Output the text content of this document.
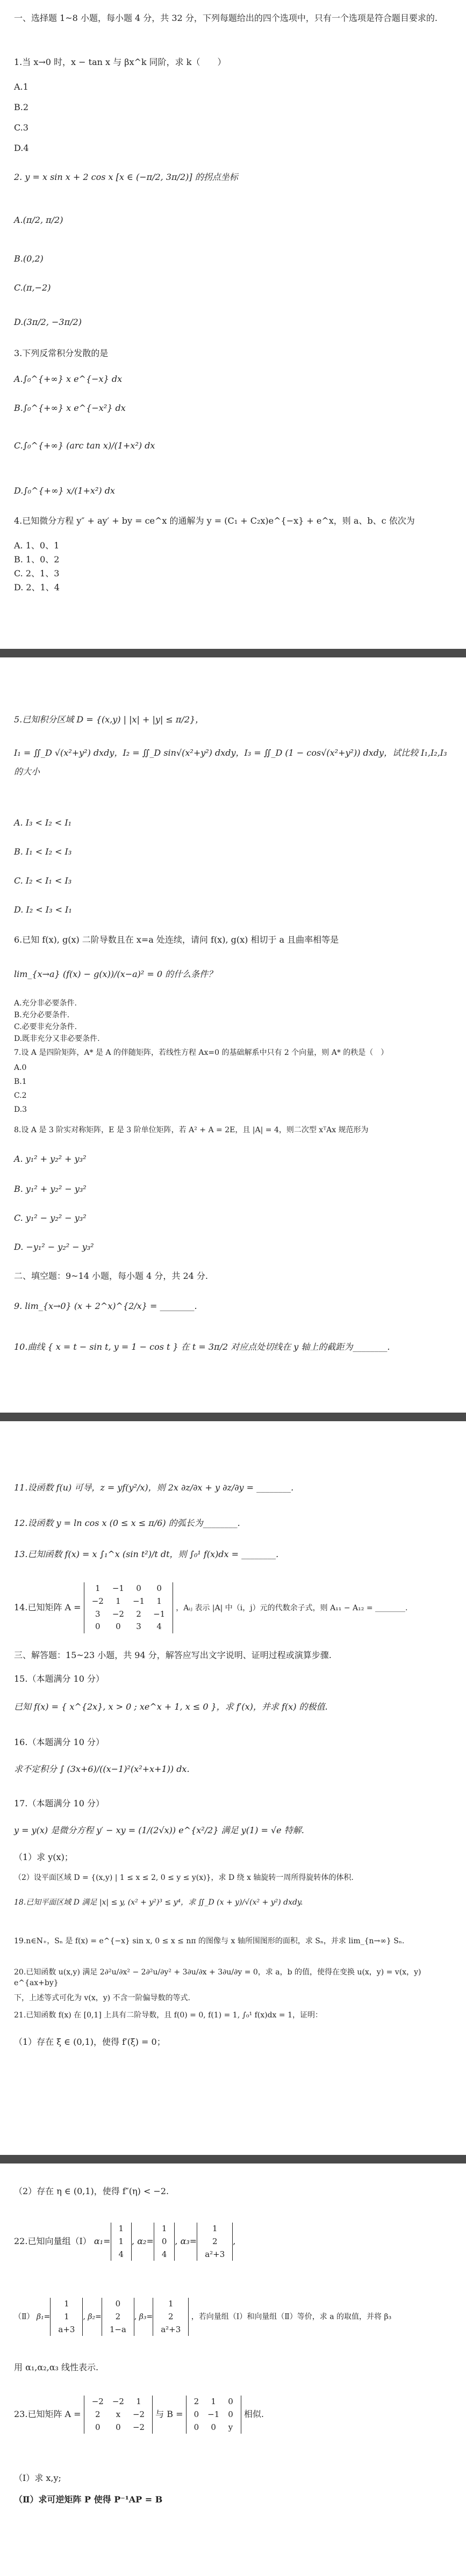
一、选择题 1~8 小题，每小题 4 分，共 32 分，下列每题给出的四个选项中，只有一个选项是符合题目要求的.
1.当 x→0 时，x − tan x 与 βx^k 同阶，求 k（　　）
A.1
B.2
C.3
D.4
2. y = x sin x + 2 cos x [x ∈ (−π/2, 3π/2)] 的拐点坐标
A.(π/2, π/2)
B.(0,2)
C.(π,−2)
D.(3π/2, −3π/2)
3.下列反常积分发散的是
A.∫₀^{+∞} x e^{−x} dx
B.∫₀^{+∞} x e^{−x²} dx
C.∫₀^{+∞} (arc tan x)/(1+x²) dx
D.∫₀^{+∞} x/(1+x²) dx
4.已知微分方程 y″ + ay′ + by = ce^x 的通解为 y = (C₁ + C₂x)e^{−x} + e^x，则 a、b、c 依次为
A. 1、0、1
B. 1、0、2
C. 2、1、3
D. 2、1、4
5.已知积分区域 D = {(x,y) | |x| + |y| ≤ π/2}，
I₁ = ∬_D √(x²+y²) dxdy，I₂ = ∬_D sin√(x²+y²) dxdy，I₃ = ∬_D (1 − cos√(x²+y²)) dxdy，试比较 I₁,I₂,I₃ 的大小
A. I₃ < I₂ < I₁
B. I₁ < I₂ < I₃
C. I₂ < I₁ < I₃
D. I₂ < I₃ < I₁
6.已知 f(x), g(x) 二阶导数且在 x=a 处连续，请问 f(x), g(x) 相切于 a 且曲率相等是
lim_{x→a} (f(x) − g(x))/(x−a)² = 0 的什么条件？
A.充分非必要条件.
B.充分必要条件.
C.必要非充分条件.
D.既非充分又非必要条件.
7.设 A 是四阶矩阵，A* 是 A 的伴随矩阵，若线性方程 Ax=0 的基础解系中只有 2 个向量，则 A* 的秩是（　）
A.0
B.1
C.2
D.3
8.设 A 是 3 阶实对称矩阵，E 是 3 阶单位矩阵，若 A² + A = 2E，且 |A| = 4，则二次型 xᵀAx 规范形为
A. y₁² + y₂² + y₃²
B. y₁² + y₂² − y₃²
C. y₁² − y₂² − y₃²
D. −y₁² − y₂² − y₃²
二、填空题：9~14 小题，每小题 4 分，共 24 分.
9. lim_{x→0} (x + 2^x)^{2/x} = ________.
10.曲线 { x = t − sin t, y = 1 − cos t } 在 t = 3π/2 对应点处切线在 y 轴上的截距为________.
11.设函数 f(u) 可导，z = yf(y²/x)，则 2x ∂z/∂x + y ∂z/∂y = ________.
12.设函数 y = ln cos x (0 ≤ x ≤ π/6) 的弧长为________.
13.已知函数 f(x) = x ∫₁^x (sin t²)/t dt，则 ∫₀¹ f(x)dx = ________.
14.已知矩阵 A =
1	−1	0	0
−2	1	−1	1
3	−2	2	−1
0	0	3	4
，Aᵢⱼ 表示 |A| 中（i，j）元的代数余子式，则 A₁₁ − A₁₂ = ________.
三、解答题：15~23 小题，共 94 分，解答应写出文字说明、证明过程或演算步骤.
15.（本题满分 10 分）
已知 f(x) = { x^{2x}, x > 0 ; xe^x + 1, x ≤ 0 }，求 f′(x)，并求 f(x) 的极值.
16.（本题满分 10 分）
求不定积分 ∫ (3x+6)/((x−1)²(x²+x+1)) dx.
17.（本题满分 10 分）
y = y(x) 是微分方程 y′ − xy = (1/(2√x)) e^{x²/2} 满足 y(1) = √e 特解.
（1）求 y(x)；
（2）设平面区域 D = {(x,y) | 1 ≤ x ≤ 2, 0 ≤ y ≤ y(x)}，求 D 绕 x 轴旋转一周所得旋转体的体积.
18.已知平面区域 D 满足 |x| ≤ y, (x² + y²)³ ≤ y⁴，求 ∬_D (x + y)/√(x² + y²) dxdy.
19.n∈N₊，Sₙ 是 f(x) = e^{−x} sin x, 0 ≤ x ≤ nπ 的图像与 x 轴所围图形的面积，求 Sₙ，并求 lim_{n→∞} Sₙ.
20.已知函数 u(x,y) 满足 2∂²u/∂x² − 2∂²u/∂y² + 3∂u/∂x + 3∂u/∂y = 0，求 a，b 的值，使得在变换 u(x，y) = v(x，y) e^{ax+by}
下，上述等式可化为 v(x，y) 不含一阶偏导数的等式.
21.已知函数 f(x) 在 [0,1] 上具有二阶导数，且 f(0) = 0, f(1) = 1, ∫₀¹ f(x)dx = 1，证明：
（1）存在 ξ ∈ (0,1)，使得 f′(ξ) = 0；
（2）存在 η ∈ (0,1)，使得 f″(η) < −2.
22.已知向量组（Ⅰ） α₁=
1
1
4
, α₂=
1
0
4
, α₃=
1
2
a²+3
,
（Ⅱ） β₁=
1
1
a+3
, β₂=
0
2
1−a
, β₃=
1
2
a²+3
，若向量组（Ⅰ）和向量组（Ⅱ）等价，求 a 的取值，并将 β₃
用 α₁,α₂,α₃ 线性表示.
23.已知矩阵 A =
−2	−2	1
2	x	−2
0	0	−2
与 B =
2	1	0
0	−1	0
0	0	y
相似.
（Ⅰ）求 x,y;
（Ⅱ）求可逆矩阵 P 使得 P⁻¹AP = B
